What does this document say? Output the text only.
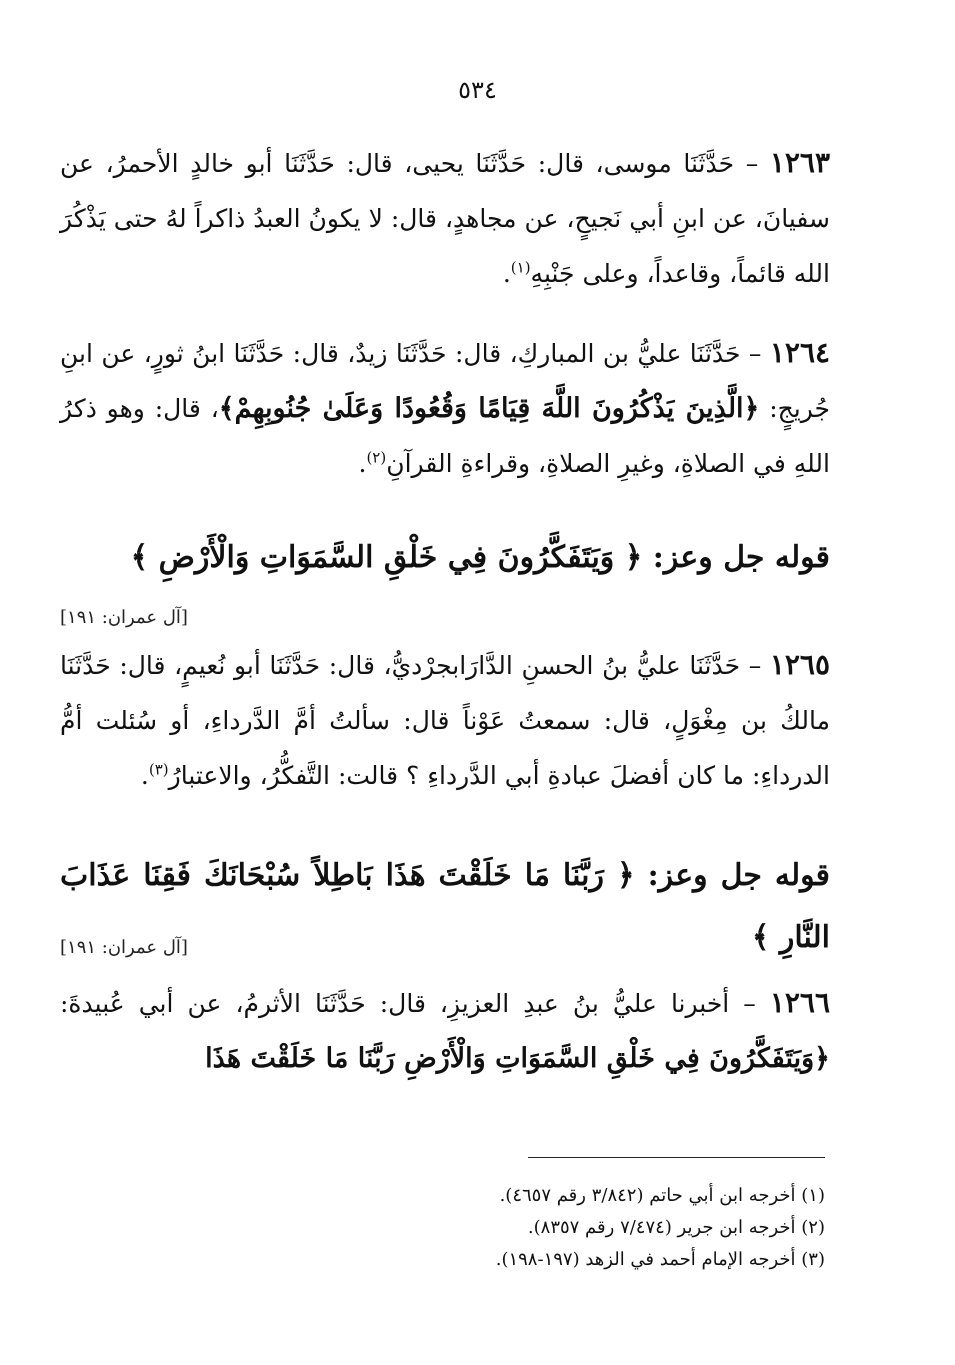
٥٣٤
١٢٦٣ – حَدَّثَنَا موسى، قال: حَدَّثَنَا يحيى، قال: حَدَّثَنَا أبو خالدٍ الأحمرُ، عن سفيانَ، عن ابنِ أبي نَجيحٍ، عن مجاهدٍ، قال: لا يكونُ العبدُ ذاكراً لهُ حتى يَذْكُرَ الله قائماً، وقاعداً، وعلى جَنْبِهِ$^{(١)}$.
١٢٦٤ – حَدَّثَنَا عليُّ بن المباركِ، قال: حَدَّثَنَا زيدٌ، قال: حَدَّثَنَا ابنُ ثورٍ، عن ابنِ جُريجٍ: ﴿الَّذِينَ يَذْكُرُونَ اللَّهَ قِيَامًا وَقُعُودًا وَعَلَىٰ جُنُوبِهِمْ﴾، قال: وهو ذكرُ اللهِ في الصلاةِ، وغيرِ الصلاةِ، وقراءةِ القرآنِ$^{(٢)}$.
قوله جل وعز: ﴿ وَيَتَفَكَّرُونَ فِي خَلْقِ السَّمَوَاتِ وَالْأَرْضِ ﴾
[آل عمران: ١٩١]
١٢٦٥ – حَدَّثَنَا عليُّ بنُ الحسنِ الدَّارَابجرْديُّ، قال: حَدَّثَنَا أبو نُعيمٍ، قال: حَدَّثَنَا مالكُ بن مِغْوَلٍ، قال: سمعتُ عَوْناً قال: سألتُ أمَّ الدَّرداءِ، أو سُئلت أمُّ الدرداءِ: ما كان أفضلَ عبادةِ أبي الدَّرداءِ ؟ قالت: التَّفكُّرُ، والاعتبارُ$^{(٣)}$.
قوله جل وعز: ﴿ رَبَّنَا مَا خَلَقْتَ هَذَا بَاطِلاً سُبْحَانَكَ فَقِنَا عَذَابَ النَّارِ ﴾
[آل عمران: ١٩١]
١٢٦٦ – أخبرنا عليُّ بنُ عبدِ العزيزِ، قال: حَدَّثَنَا الأثرمُ، عن أبي عُبيدةَ: ﴿وَيَتَفَكَّرُونَ فِي خَلْقِ السَّمَوَاتِ وَالْأَرْضِ رَبَّنَا مَا خَلَقْتَ هَذَا
(١) أخرجه ابن أبي حاتم (٣/٨٤٢ رقم ٤٦٥٧).
(٢) أخرجه ابن جرير (٧/٤٧٤ رقم ٨٣٥٧).
(٣) أخرجه الإمام أحمد في الزهد (١٩٧-١٩٨).
